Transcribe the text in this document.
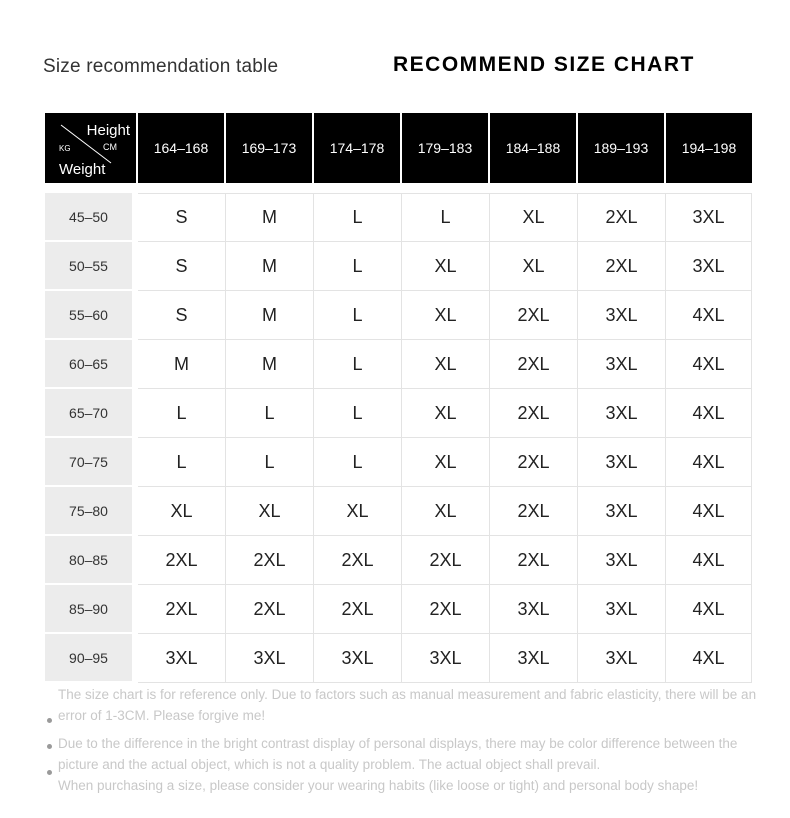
Size recommendation table	RECOMMEND SIZE CHART
Height
CM
KG
Weight	164–168	169–173	174–178	179–183	184–188	189–193	194–198

45–50	S	M	L	L	XL	2XL	3XL
50–55	S	M	L	XL	XL	2XL	3XL
55–60	S	M	L	XL	2XL	3XL	4XL
60–65	M	M	L	XL	2XL	3XL	4XL
65–70	L	L	L	XL	2XL	3XL	4XL
70–75	L	L	L	XL	2XL	3XL	4XL
75–80	XL	XL	XL	XL	2XL	3XL	4XL
80–85	2XL	2XL	2XL	2XL	2XL	3XL	4XL
85–90	2XL	2XL	2XL	2XL	3XL	3XL	4XL
90–95	3XL	3XL	3XL	3XL	3XL	3XL	4XL

The size chart is for reference only. Due to factors such as manual measurement and fabric elasticity, there will be an error of 1-3CM. Please forgive me!

Due to the difference in the bright contrast display of personal displays, there may be color difference between the picture and the actual object, which is not a quality problem. The actual object shall prevail.

When purchasing a size, please consider your wearing habits (like loose or tight) and personal body shape!
